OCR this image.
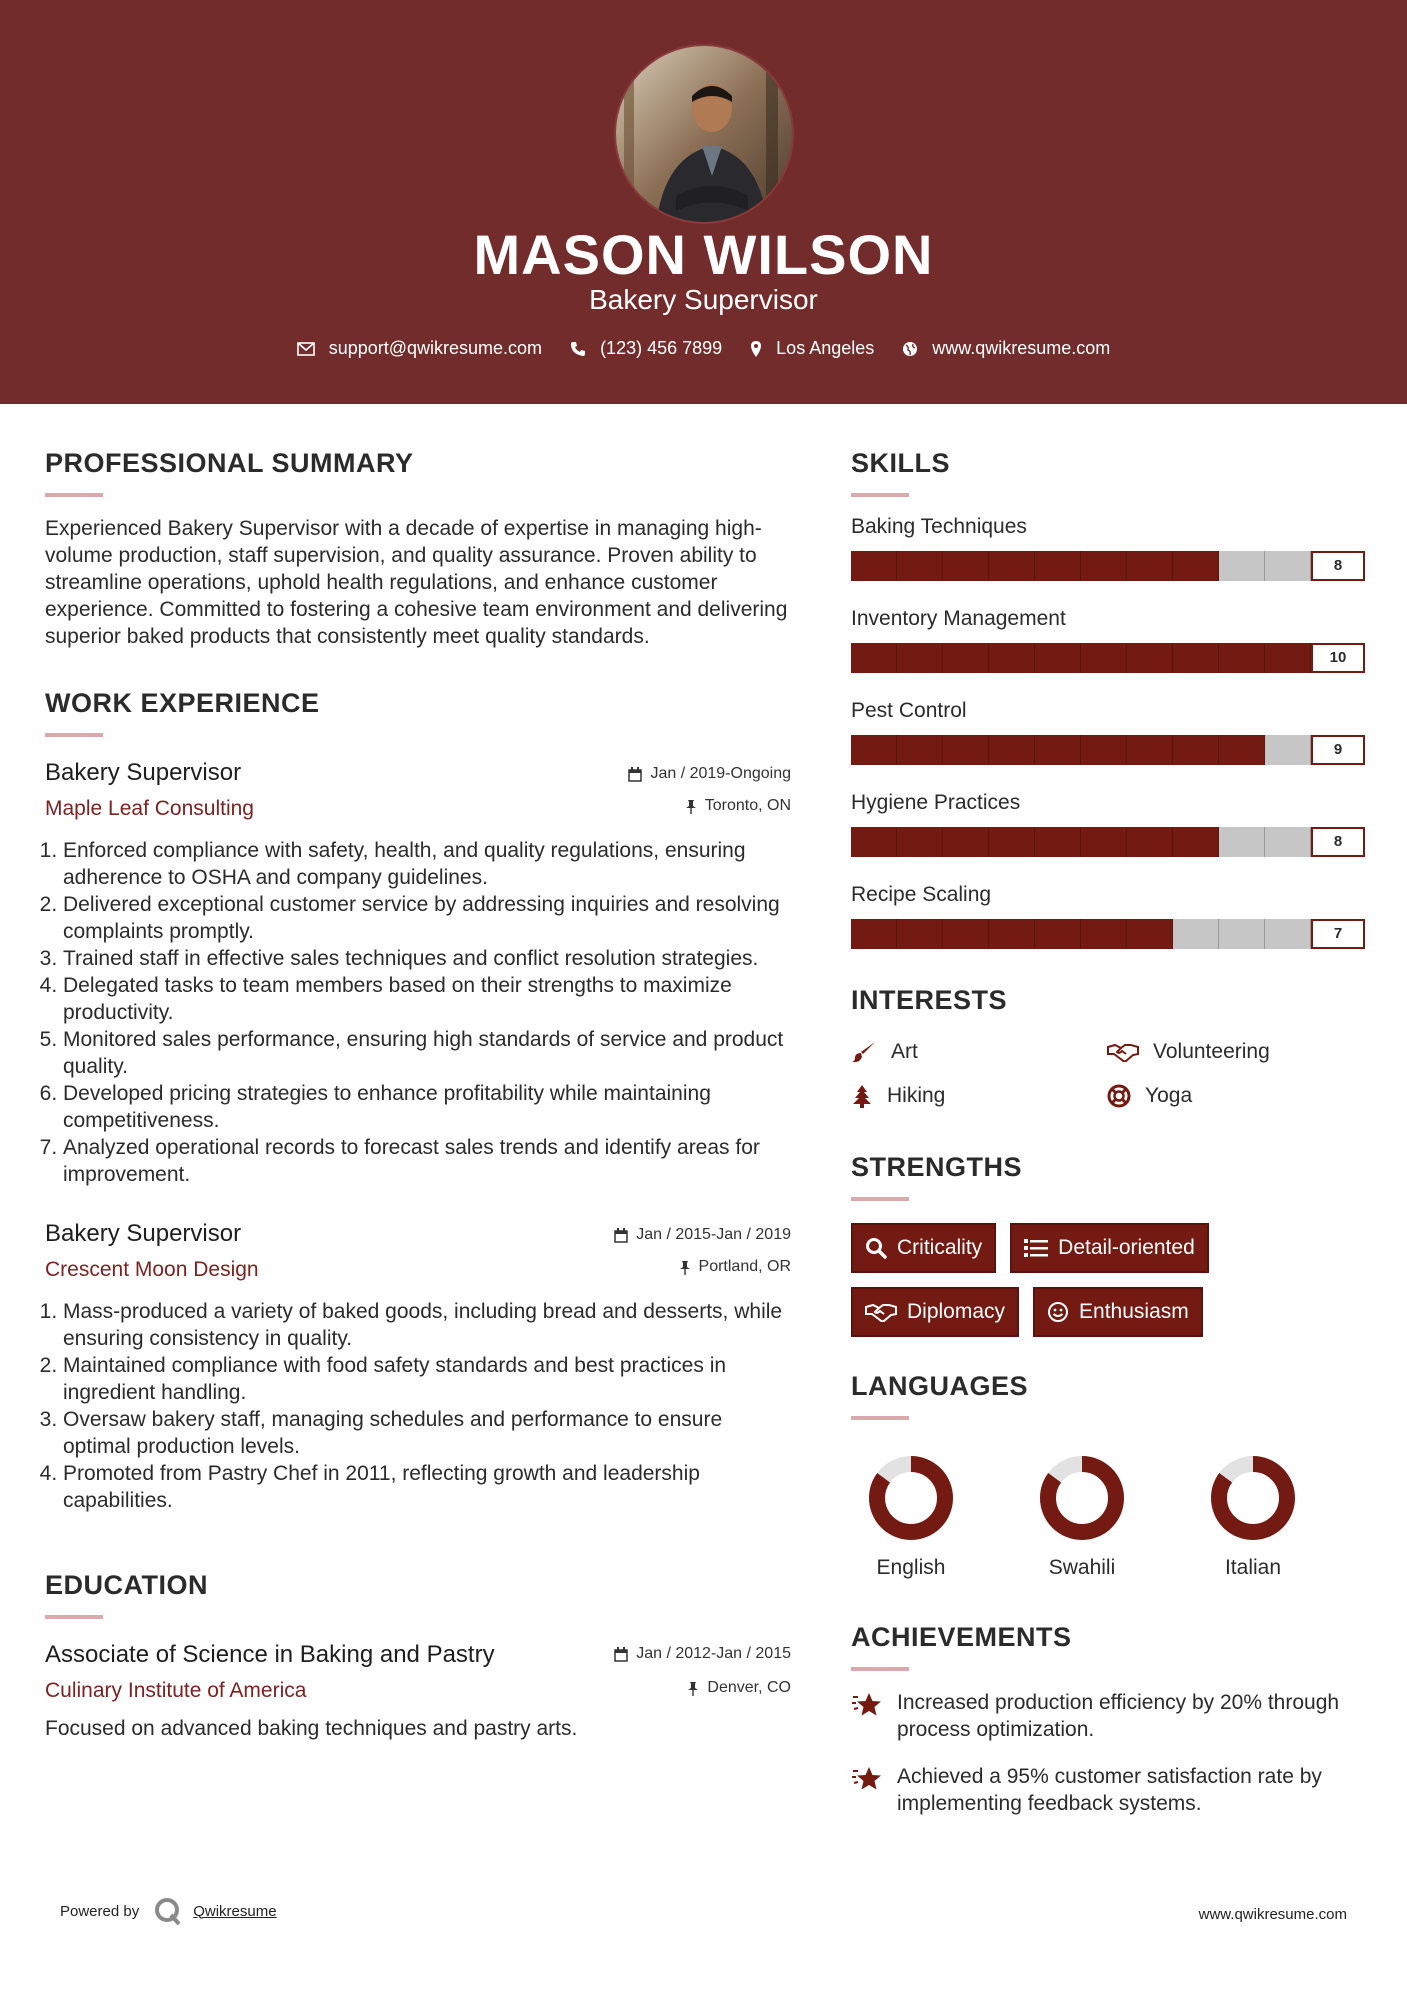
MASON WILSON
Bakery Supervisor
support@qwikresume.com	(123) 456 7899	Los Angeles	www.qwikresume.com
PROFESSIONAL SUMMARY
Experienced Bakery Supervisor with a decade of expertise in managing high-volume production, staff supervision, and quality assurance. Proven ability to streamline operations, uphold health regulations, and enhance customer experience. Committed to fostering a cohesive team environment and delivering superior baked products that consistently meet quality standards.
WORK EXPERIENCE
Jan / 2019-Ongoing
Toronto, ON
Bakery Supervisor
Maple Leaf Consulting
1. Enforced compliance with safety, health, and quality regulations, ensuring adherence to OSHA and company guidelines.
2. Delivered exceptional customer service by addressing inquiries and resolving complaints promptly.
3. Trained staff in effective sales techniques and conflict resolution strategies.
4. Delegated tasks to team members based on their strengths to maximize productivity.
5. Monitored sales performance, ensuring high standards of service and product quality.
6. Developed pricing strategies to enhance profitability while maintaining competitiveness.
7. Analyzed operational records to forecast sales trends and identify areas for improvement.
Jan / 2015-Jan / 2019
Portland, OR
Bakery Supervisor
Crescent Moon Design
1. Mass-produced a variety of baked goods, including bread and desserts, while ensuring consistency in quality.
2. Maintained compliance with food safety standards and best practices in ingredient handling.
3. Oversaw bakery staff, managing schedules and performance to ensure optimal production levels.
4. Promoted from Pastry Chef in 2011, reflecting growth and leadership capabilities.
EDUCATION
Jan / 2012-Jan / 2015
Denver, CO
Associate of Science in Baking and Pastry
Culinary Institute of America
Focused on advanced baking techniques and pastry arts.
SKILLS
Baking Techniques
8
Inventory Management
10
Pest Control
9
Hygiene Practices
8
Recipe Scaling
7
INTERESTS
Art	Volunteering
Hiking	Yoga
STRENGTHS
Criticality	Detail-oriented
Diplomacy	Enthusiasm
LANGUAGES
English	Swahili	Italian
ACHIEVEMENTS
Increased production efficiency by 20% through process optimization.
Achieved a 95% customer satisfaction rate by implementing feedback systems.
Powered by	Qwikresume	www.qwikresume.com
